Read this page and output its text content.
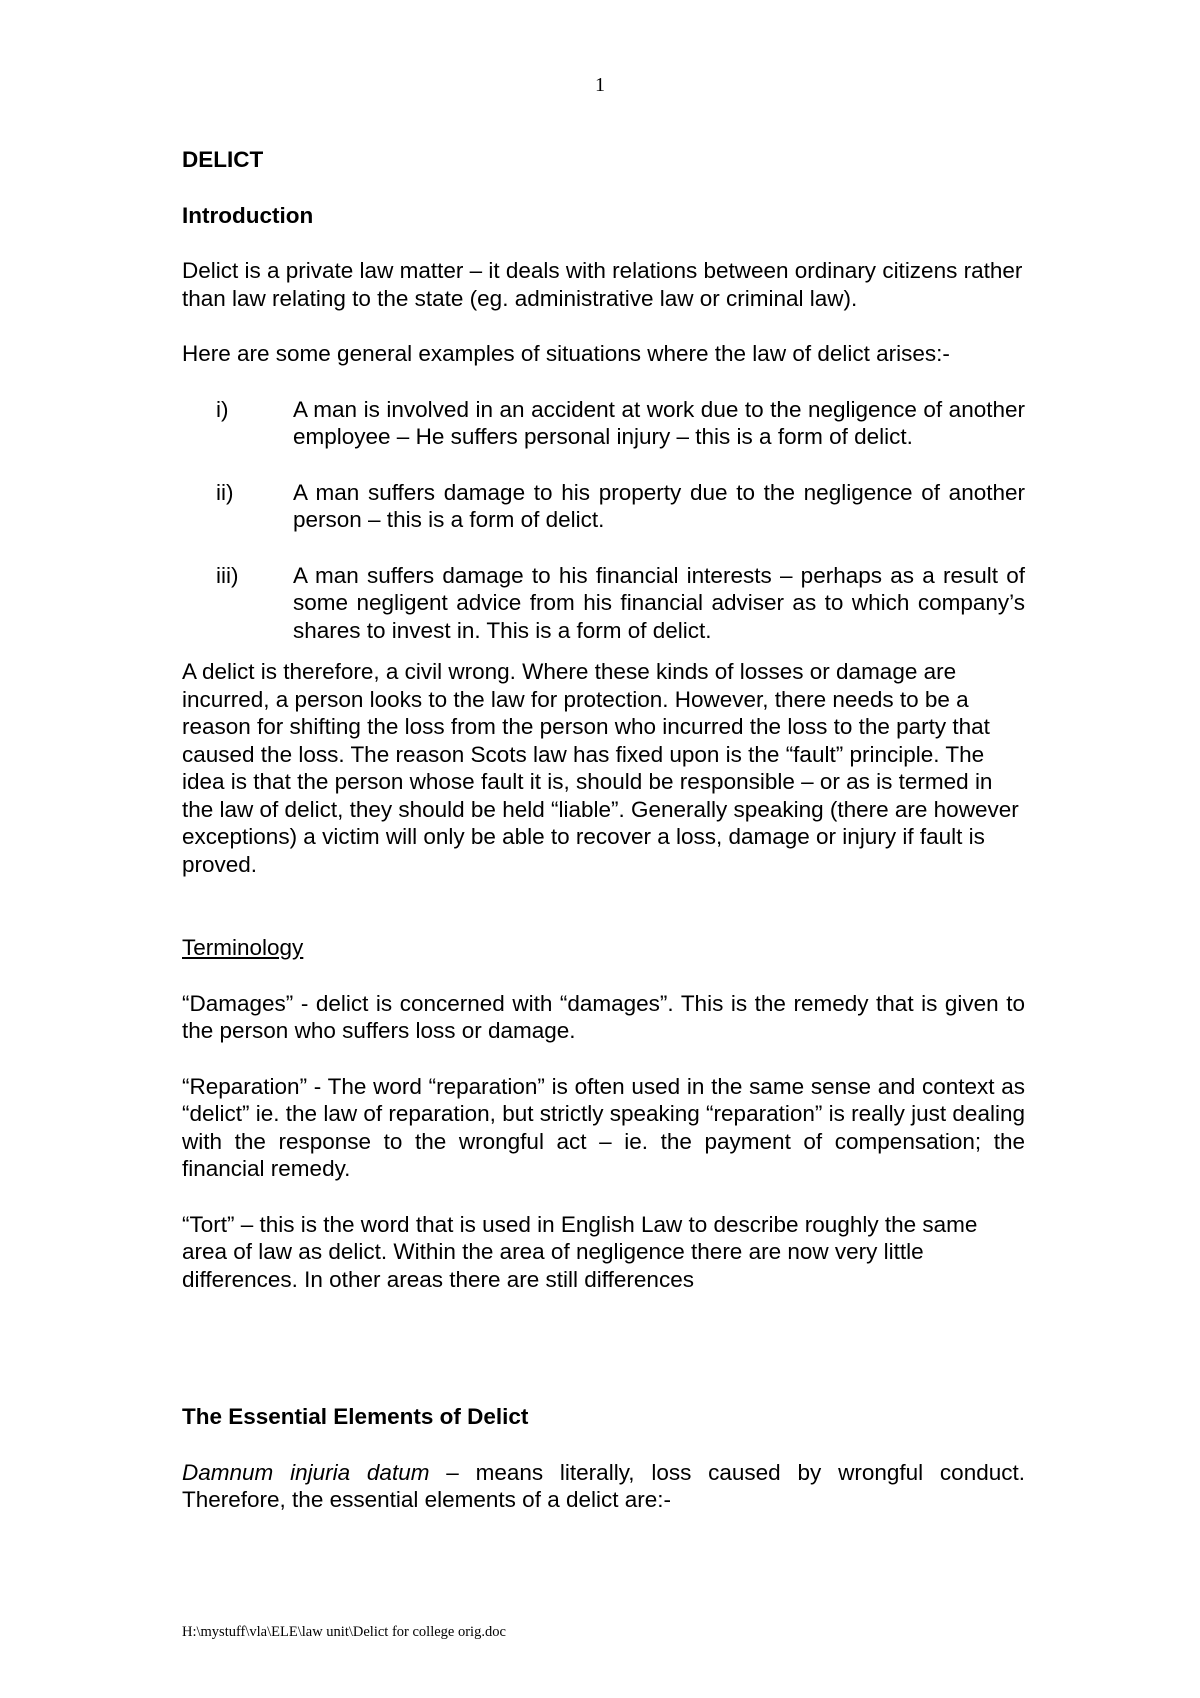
1
DELICT
Introduction

Delict is a private law matter – it deals with relations between ordinary citizens rather than law relating to the state (eg. administrative law or criminal law).

Here are some general examples of situations where the law of delict arises:-

i)	A man is involved in an accident at work due to the negligence of another employee – He suffers personal injury – this is a form of delict.
ii)	A man suffers damage to his property due to the negligence of another person – this is a form of delict.
iii) A man suffers damage to his financial interests – perhaps as a result of some negligent advice from his financial adviser as to which company’s shares to invest in. This is a form of delict.

A delict is therefore, a civil wrong. Where these kinds of losses or damage are incurred, a person looks to the law for protection. However, there needs to be a reason for shifting the loss from the person who incurred the loss to the party that caused the loss. The reason Scots law has fixed upon is the “fault” principle. The idea is that the person whose fault it is, should be responsible – or as is termed in the law of delict, they should be held “liable”. Generally speaking (there are however exceptions) a victim will only be able to recover a loss, damage or injury if fault is proved.

Terminology

“Damages” - delict is concerned with “damages”. This is the remedy that is given to the person who suffers loss or damage.

“Reparation” - The word “reparation” is often used in the same sense and context as “delict” ie. the law of reparation, but strictly speaking “reparation” is really just dealing with the response to the wrongful act – ie. the payment of compensation; the financial remedy.

“Tort” – this is the word that is used in English Law to describe roughly the same area of law as delict. Within the area of negligence there are now very little differences. In other areas there are still differences

The Essential Elements of Delict

Damnum injuria datum – means literally, loss caused by wrongful conduct. Therefore, the essential elements of a delict are:-

H:\mystuff\vla\ELE\law unit\Delict for college orig.doc
